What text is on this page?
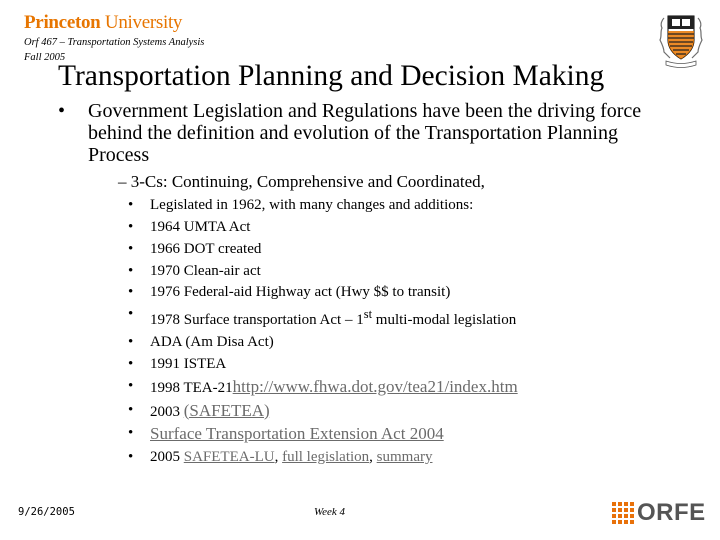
Princeton University
Orf 467 – Transportation Systems Analysis
Fall 2005
Transportation Planning and Decision Making
• Government Legislation and Regulations have been the driving force behind the definition and evolution of the Transportation Planning Process
– 3-Cs: Continuing, Comprehensive and Coordinated,
• Legislated in 1962, with many changes and additions:
• 1964 UMTA Act
• 1966 DOT created
• 1970 Clean-air act
• 1976 Federal-aid Highway act (Hwy $$ to transit)
• 1978 Surface transportation Act – 1st multi-modal legislation
• ADA (Am Disa Act)
• 1991 ISTEA
• 1998 TEA-21http://www.fhwa.dot.gov/tea21/index.htm
• 2003 (SAFETEA)
• Surface Transportation Extension Act 2004
• 2005 SAFETEA-LU, full legislation, summary
9/26/2005	Week 4	ORFE
